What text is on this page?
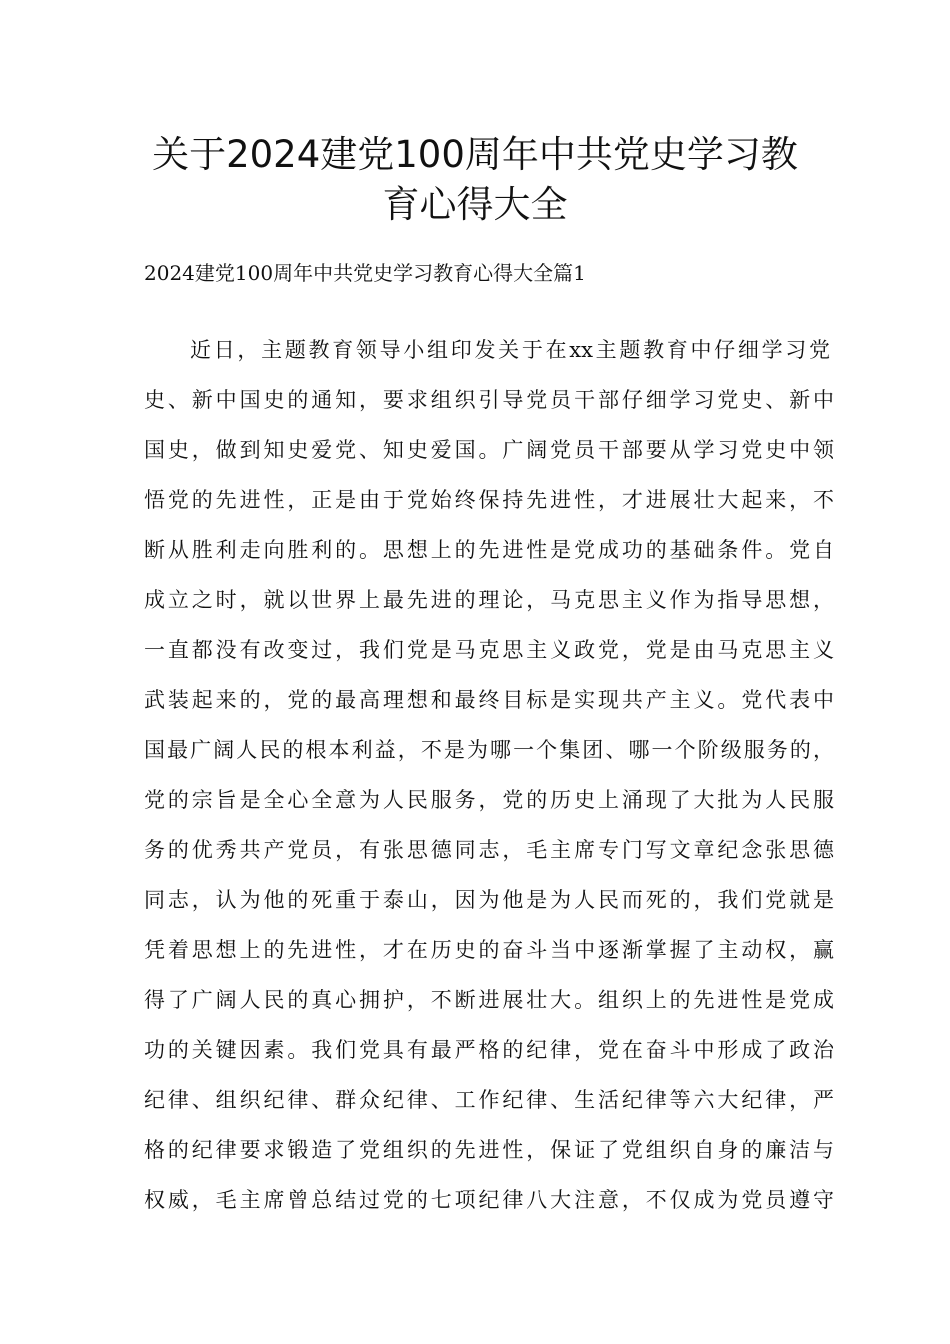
关于2024建党100周年中共党史学习教
育心得大全
2024建党100周年中共党史学习教育心得大全篇1
近日，主题教育领导小组印发关于在xx主题教育中仔细学习党
史、新中国史的通知，要求组织引导党员干部仔细学习党史、新中
国史，做到知史爱党、知史爱国。广阔党员干部要从学习党史中领
悟党的先进性，正是由于党始终保持先进性，才进展壮大起来，不
断从胜利走向胜利的。思想上的先进性是党成功的基础条件。党自
成立之时，就以世界上最先进的理论，马克思主义作为指导思想，
一直都没有改变过，我们党是马克思主义政党，党是由马克思主义
武装起来的，党的最高理想和最终目标是实现共产主义。党代表中
国最广阔人民的根本利益，不是为哪一个集团、哪一个阶级服务的，
党的宗旨是全心全意为人民服务，党的历史上涌现了大批为人民服
务的优秀共产党员，有张思德同志，毛主席专门写文章纪念张思德
同志，认为他的死重于泰山，因为他是为人民而死的，我们党就是
凭着思想上的先进性，才在历史的奋斗当中逐渐掌握了主动权，赢
得了广阔人民的真心拥护，不断进展壮大。组织上的先进性是党成
功的关键因素。我们党具有最严格的纪律，党在奋斗中形成了政治
纪律、组织纪律、群众纪律、工作纪律、生活纪律等六大纪律，严
格的纪律要求锻造了党组织的先进性，保证了党组织自身的廉洁与
权威，毛主席曾总结过党的七项纪律八大注意，不仅成为党员遵守
